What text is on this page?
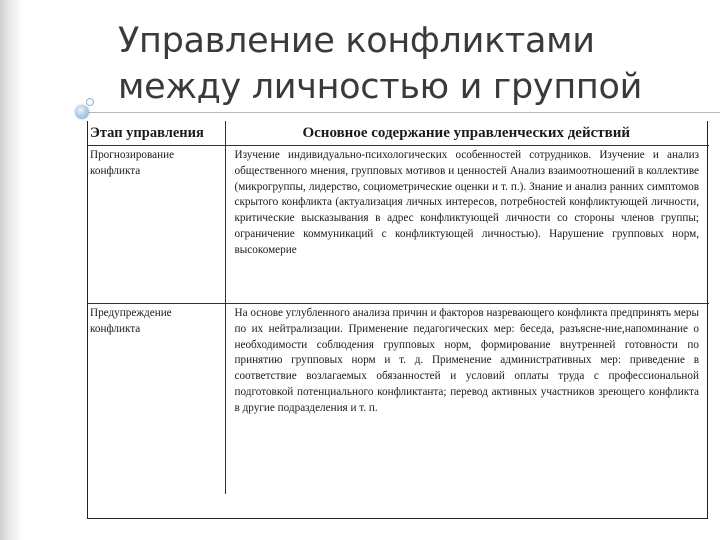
Управление конфликтами между личностью и группой
Этап управления	Основное содержание управленческих действий
Прогнозирование конфликта	Изучение индивидуально-психологических особенностей сотрудников. Изучение и анализ общественного мнения, групповых мотивов и ценностей Анализ взаимоотношений в коллективе (микрогруппы, лидерство, социометрические оценки и т. п.). Знание и анализ ранних симптомов скрытого конфликта (актуализация личных интересов, потребностей конфликтующей личности, критические высказывания в адрес конфликтующей личности со стороны членов группы; ограничение коммуникаций с конфликтующей личностью). Нарушение групповых норм, высокомерие
Предупреждение конфликта	На основе углубленного анализа причин и факторов назревающего конфликта предпринять меры по их нейтрализации. Применение педагогических мер: беседа, разъясне-ние,напоминание о необходимости соблюдения групповых норм, формирование внутренней готовности по принятию групповых норм и т. д. Применение административных мер: приведение в соответствие возлагаемых обязанностей и условий оплаты труда с профессиональной подготовкой потенциального конфликтанта; перевод активных участников зреющего конфликта в другие подразделения и т. п.
